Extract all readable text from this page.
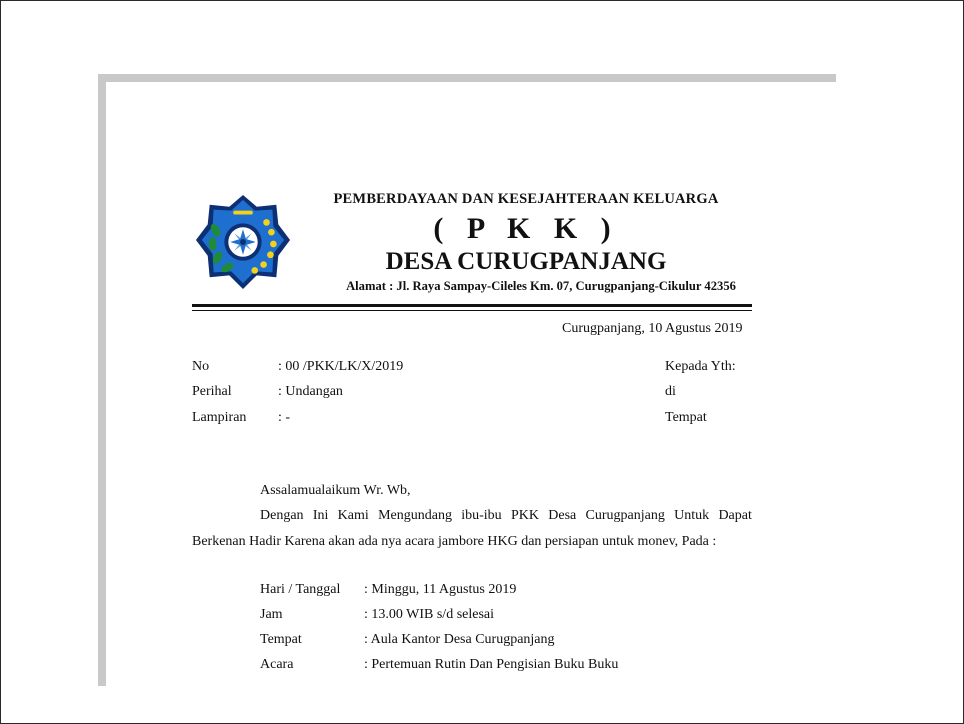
PEMBERDAYAAN DAN KESEJAHTERAAN KELUARGA
( P K K )
DESA CURUGPANJANG
Alamat : Jl. Raya Sampay-Cileles Km. 07, Curugpanjang-Cikulur 42356
Curugpanjang, 10 Agustus 2019
No	: 00 /PKK/LK/X/2019
Perihal	: Undangan
Lampiran : -
Kepada Yth:
di
Tempat
Assalamualaikum Wr. Wb,
Dengan Ini Kami Mengundang ibu-ibu PKK Desa Curugpanjang Untuk Dapat
Berkenan Hadir Karena akan ada nya acara jambore HKG dan persiapan untuk monev, Pada :
Hari / Tanggal : Minggu, 11 Agustus 2019
Jam	: 13.00 WIB s/d selesai
Tempat	: Aula Kantor Desa Curugpanjang
Acara	: Pertemuan Rutin Dan Pengisian Buku Buku
